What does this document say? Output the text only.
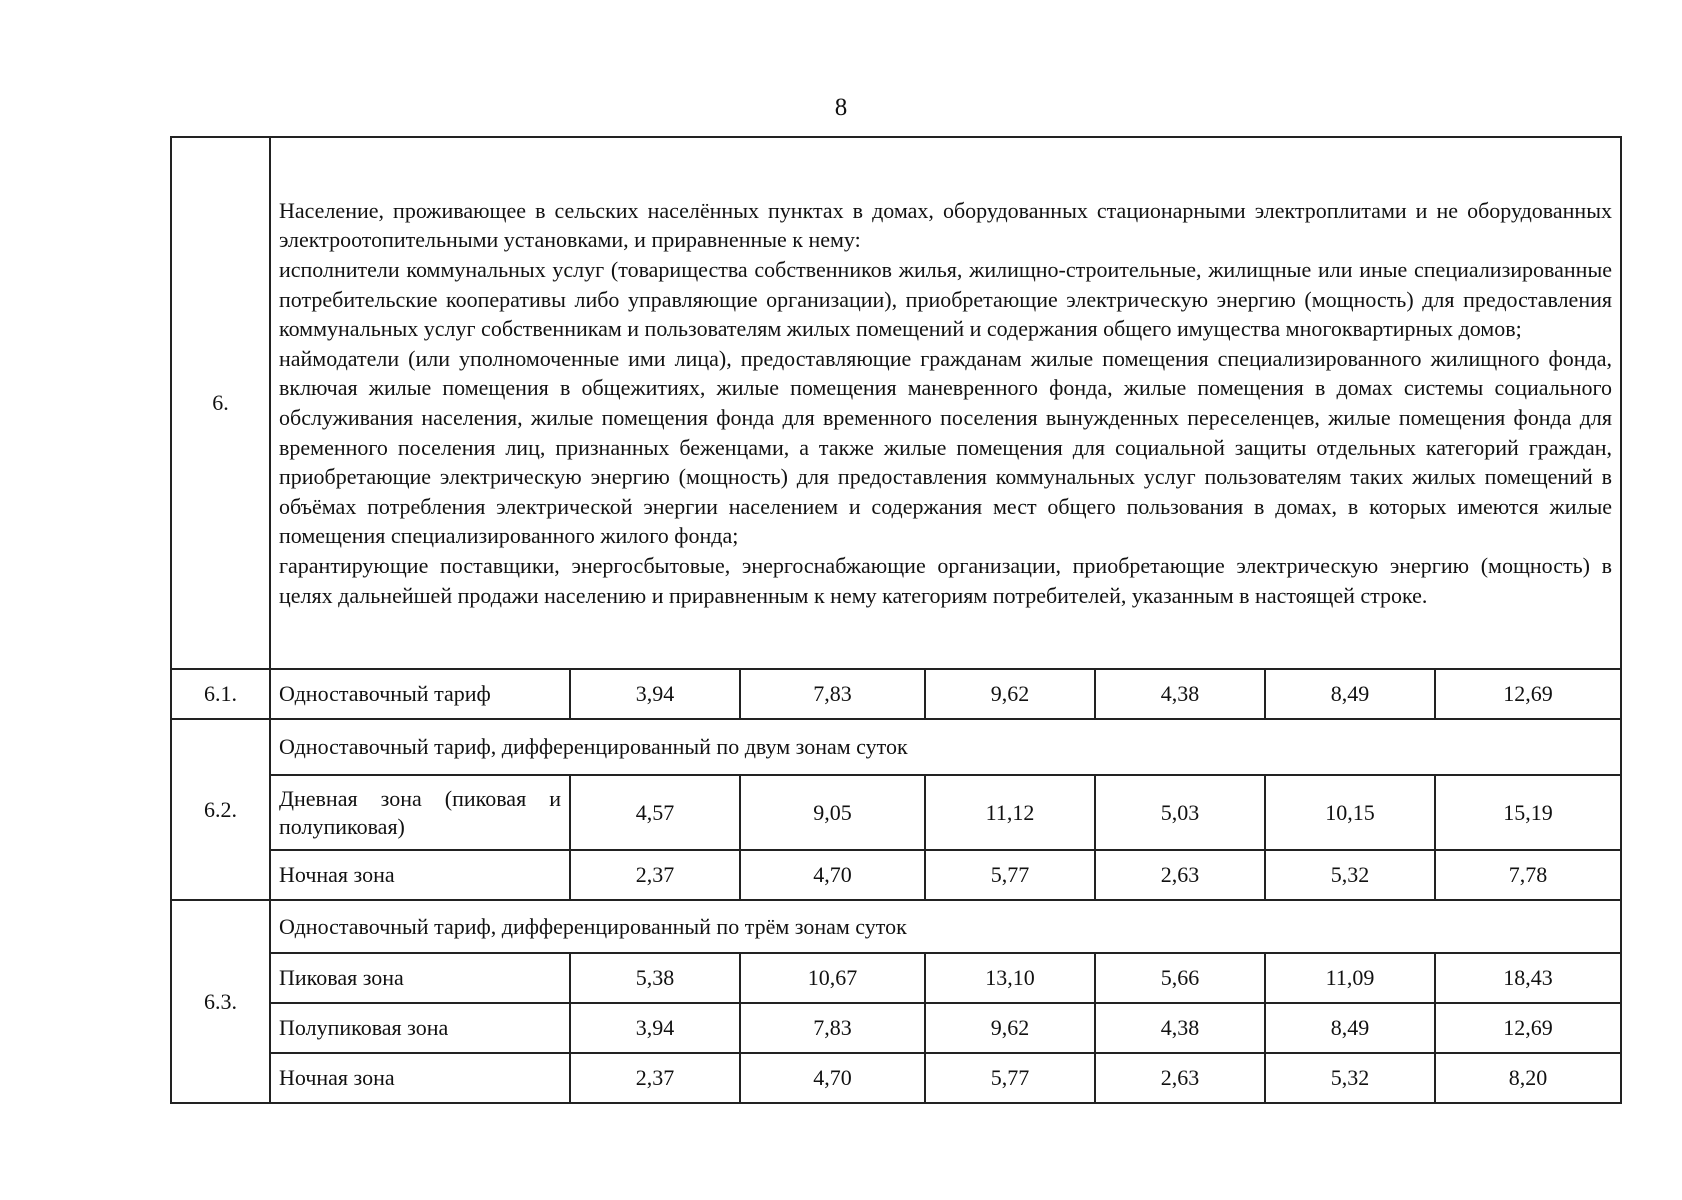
8
6.	Население, проживающее в сельских населённых пунктах в домах, оборудованных стационарными электроплитами и не оборудованных электроотопительными установками, и приравненные к нему:

исполнители коммунальных услуг (товарищества собственников жилья, жилищно-строительные, жилищные или иные специализированные потребительские кооперативы либо управляющие организации), приобретающие электрическую энергию (мощность) для предоставления коммунальных услуг собственникам и пользователям жилых помещений и содержания общего имущества многоквартирных домов;

наймодатели (или уполномоченные ими лица), предоставляющие гражданам жилые помещения специализированного жилищного фонда, включая жилые помещения в общежитиях, жилые помещения маневренного фонда, жилые помещения в домах системы социального обслуживания населения, жилые помещения фонда для временного поселения вынужденных переселенцев, жилые помещения фонда для временного поселения лиц, признанных беженцами, а также жилые помещения для социальной защиты отдельных категорий граждан, приобретающие электрическую энергию (мощность) для предоставления коммунальных услуг пользователям таких жилых помещений в объёмах потребления электрической энергии населением и содержания мест общего пользования в домах, в которых имеются жилые помещения специализированного жилого фонда;

гарантирующие поставщики, энергосбытовые, энергоснабжающие организации, приобретающие электрическую энергию (мощность) в целях дальнейшей продажи населению и приравненным к нему категориям потребителей, указанным в настоящей строке.						

6.1.	Одноставочный тариф	3,94	7,83	9,62	4,38	8,49	12,69
6.2.	Одноставочный тариф, дифференцированный по двум зонам суток						
	Дневная зона (пиковая и полупиковая)	4,57	9,05	11,12	5,03	10,15	15,19
	Ночная зона	2,37	4,70	5,77	2,63	5,32	7,78
6.3.	Одноставочный тариф, дифференцированный по трём зонам суток						
	Пиковая зона	5,38	10,67	13,10	5,66	11,09	18,43
	Полупиковая зона	3,94	7,83	9,62	4,38	8,49	12,69
	Ночная зона	2,37	4,70	5,77	2,63	5,32	8,20
